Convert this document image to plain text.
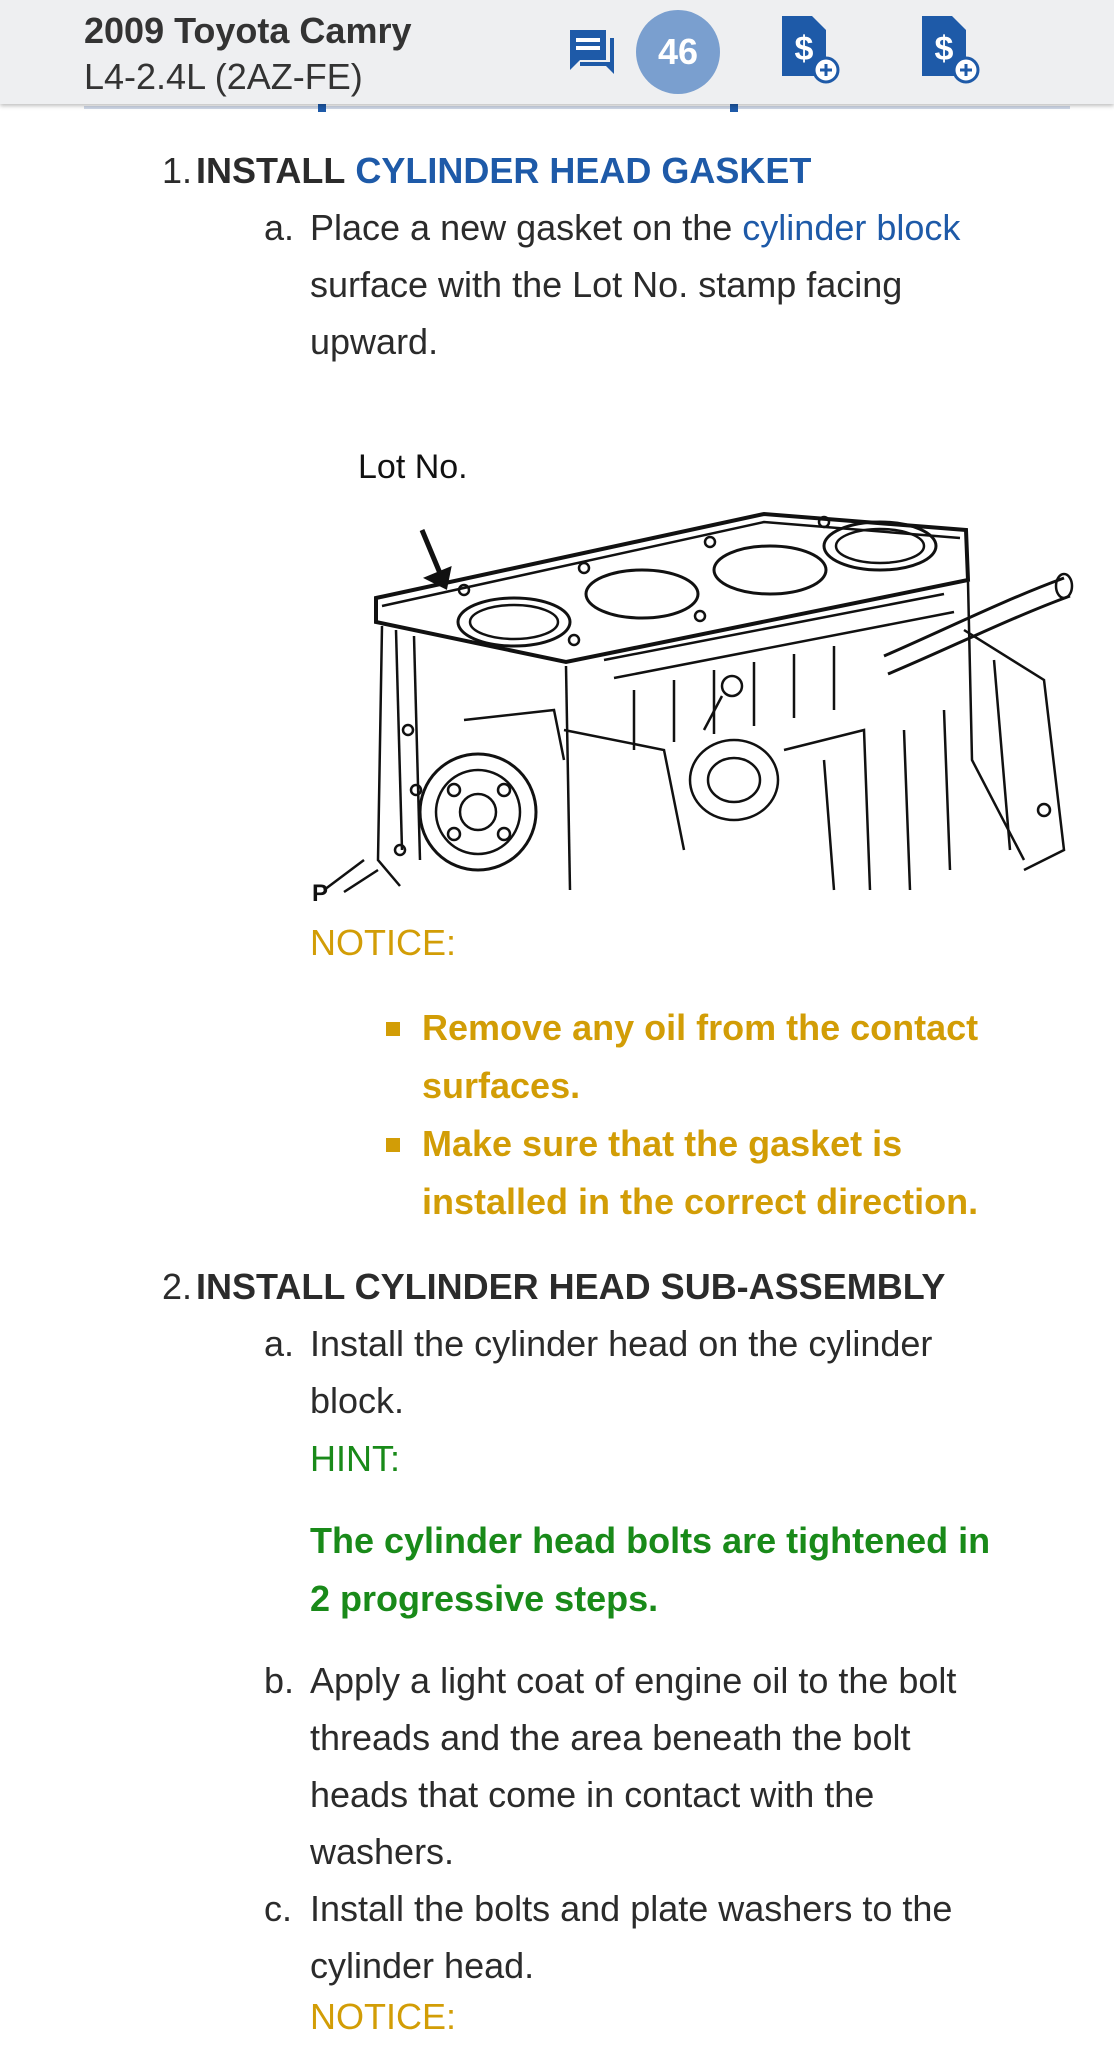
2009 Toyota Camry
L4-2.4L (2AZ-FE)
46	$	$
1. INSTALL CYLINDER HEAD GASKET
a. Place a new gasket on the cylinder block
surface with the Lot No. stamp facing
upward.
Lot No.
P
NOTICE:
Remove any oil from the contact
surfaces.
Make sure that the gasket is
installed in the correct direction.
2. INSTALL CYLINDER HEAD SUB-ASSEMBLY
a. Install the cylinder head on the cylinder
block.
HINT:
The cylinder head bolts are tightened in
2 progressive steps.
b. Apply a light coat of engine oil to the bolt
threads and the area beneath the bolt
heads that come in contact with the
washers.
c. Install the bolts and plate washers to the
cylinder head.
NOTICE:
